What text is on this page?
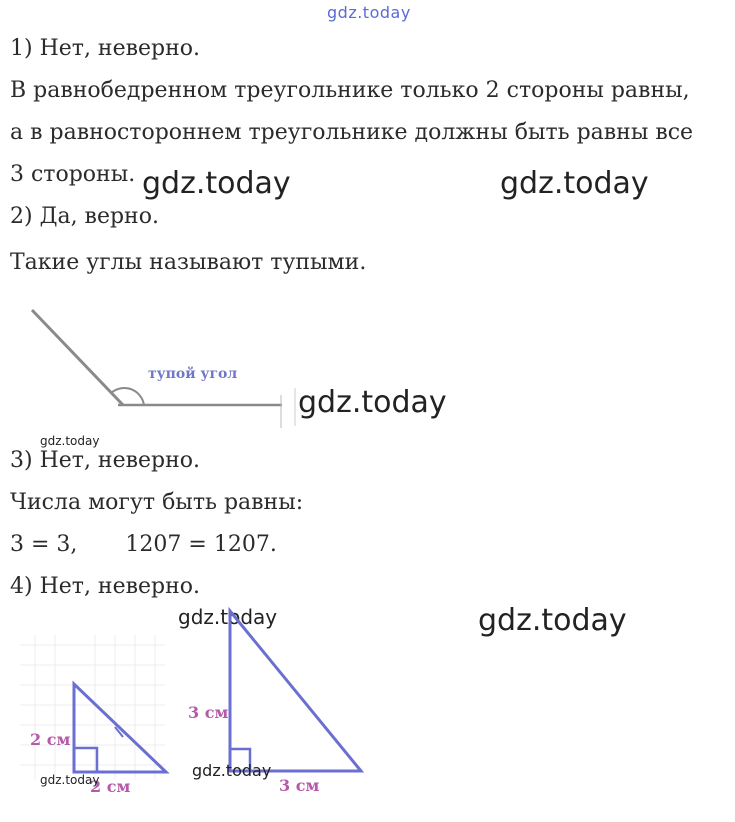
gdz.today
1) Нет, неверно.
В равнобедренном треугольнике только 2 стороны равны,
а в равностороннем треугольнике должны быть равны все
3 стороны. gdz.today	gdz.today
2) Да, верно.
Такие углы называют тупыми.
тупой угол
gdz.today
gdz.today
3) Нет, неверно.
Числа могут быть равны:
3 = 3, 1207 = 1207.
4) Нет, неверно.
gdz.today	gdz.today
2 см
2 см
3 см
3 см
gdz.today
gdz.today
